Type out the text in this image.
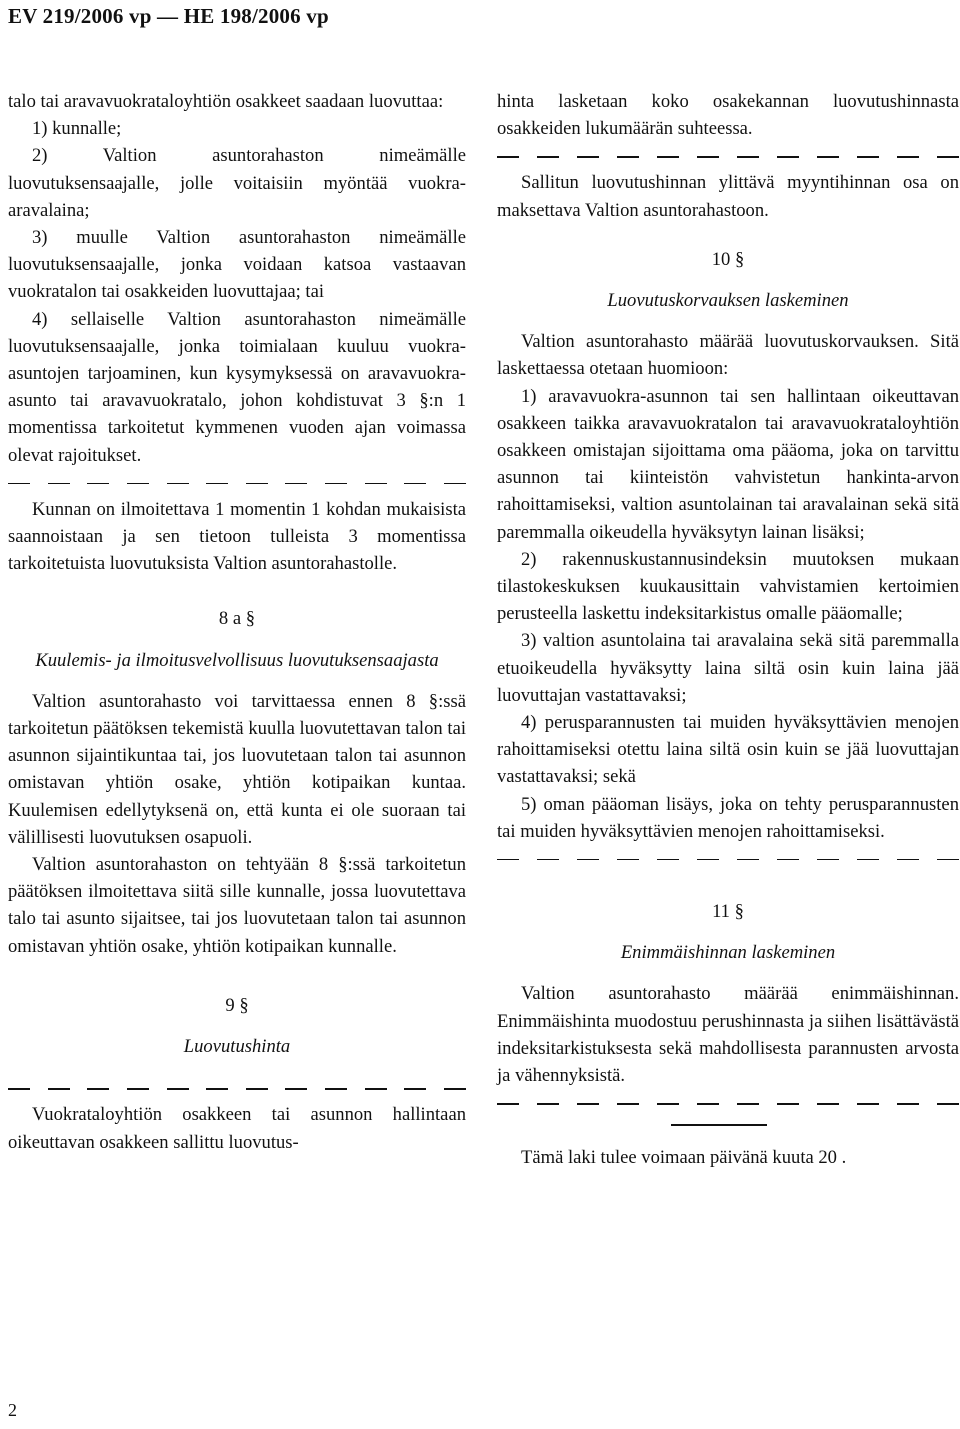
EV 219/2006 vp — HE 198/2006 vp

talo tai aravavuokrataloyhtiön osakkeet saadaan luovuttaa:

1) kunnalle;

2) Valtion asuntorahaston nimeämälle luovutuksensaajalle, jolle voitaisiin myöntää vuokra-aravalaina;

3) muulle Valtion asuntorahaston nimeämälle luovutuksensaajalle, jonka voidaan katsoa vastaavan vuokratalon tai osakkeiden luovuttajaa; tai

4) sellaiselle Valtion asuntorahaston nimeämälle luovutuksensaajalle, jonka toimialaan kuuluu vuokra-asuntojen tarjoaminen, kun kysymyksessä on aravavuokra-asunto tai aravavuokratalo, johon kohdistuvat 3 §:n 1 momentissa tarkoitetut kymmenen vuoden ajan voimassa olevat rajoitukset.

Kunnan on ilmoitettava 1 momentin 1 kohdan mukaisista saannoistaan ja sen tietoon tulleista 3 momentissa tarkoitetuista luovutuksista Valtion asuntorahastolle.

8 a §

Kuulemis- ja ilmoitusvelvollisuus luovutuksensaajasta

Valtion asuntorahasto voi tarvittaessa ennen 8 §:ssä tarkoitetun päätöksen tekemistä kuulla luovutettavan talon tai asunnon sijaintikuntaa tai, jos luovutetaan talon tai asunnon omistavan yhtiön osake, yhtiön kotipaikan kuntaa. Kuulemisen edellytyksenä on, että kunta ei ole suoraan tai välillisesti luovutuksen osapuoli.

Valtion asuntorahaston on tehtyään 8 §:ssä tarkoitetun päätöksen ilmoitettava siitä sille kunnalle, jossa luovutettava talo tai asunto sijaitsee, tai jos luovutetaan talon tai asunnon omistavan yhtiön osake, yhtiön kotipaikan kunnalle.

9 §

Luovutushinta

Vuokrataloyhtiön osakkeen tai asunnon hallintaan oikeuttavan osakkeen sallittu luovutus-

hinta lasketaan koko osakekannan luovutushinnasta osakkeiden lukumäärän suhteessa.

Sallitun luovutushinnan ylittävä myyntihinnan osa on maksettava Valtion asuntorahastoon.

10 §

Luovutuskorvauksen laskeminen

Valtion asuntorahasto määrää luovutuskorvauksen. Sitä laskettaessa otetaan huomioon:

1) aravavuokra-asunnon tai sen hallintaan oikeuttavan osakkeen taikka aravavuokratalon tai aravavuokrataloyhtiön osakkeen omistajan sijoittama oma pääoma, joka on tarvittu asunnon tai kiinteistön vahvistetun hankinta-arvon rahoittamiseksi, valtion asuntolainan tai aravalainan sekä sitä paremmalla oikeudella hyväksytyn lainan lisäksi;

2) rakennuskustannusindeksin muutoksen mukaan tilastokeskuksen kuukausittain vahvistamien kertoimien perusteella laskettu indeksitarkistus omalle pääomalle;

3) valtion asuntolaina tai aravalaina sekä sitä paremmalla etuoikeudella hyväksytty laina siltä osin kuin laina jää luovuttajan vastattavaksi;

4) perusparannusten tai muiden hyväksyttävien menojen rahoittamiseksi otettu laina siltä osin kuin se jää luovuttajan vastattavaksi; sekä

5) oman pääoman lisäys, joka on tehty perusparannusten tai muiden hyväksyttävien menojen rahoittamiseksi.

11 §

Enimmäishinnan laskeminen

Valtion asuntorahasto määrää enimmäishinnan. Enimmäishinta muodostuu perushinnasta ja siihen lisättävästä indeksitarkistuksesta sekä mahdollisesta parannusten arvosta ja vähennyksistä.

Tämä laki tulee voimaan päivänä kuuta 20 .

2
